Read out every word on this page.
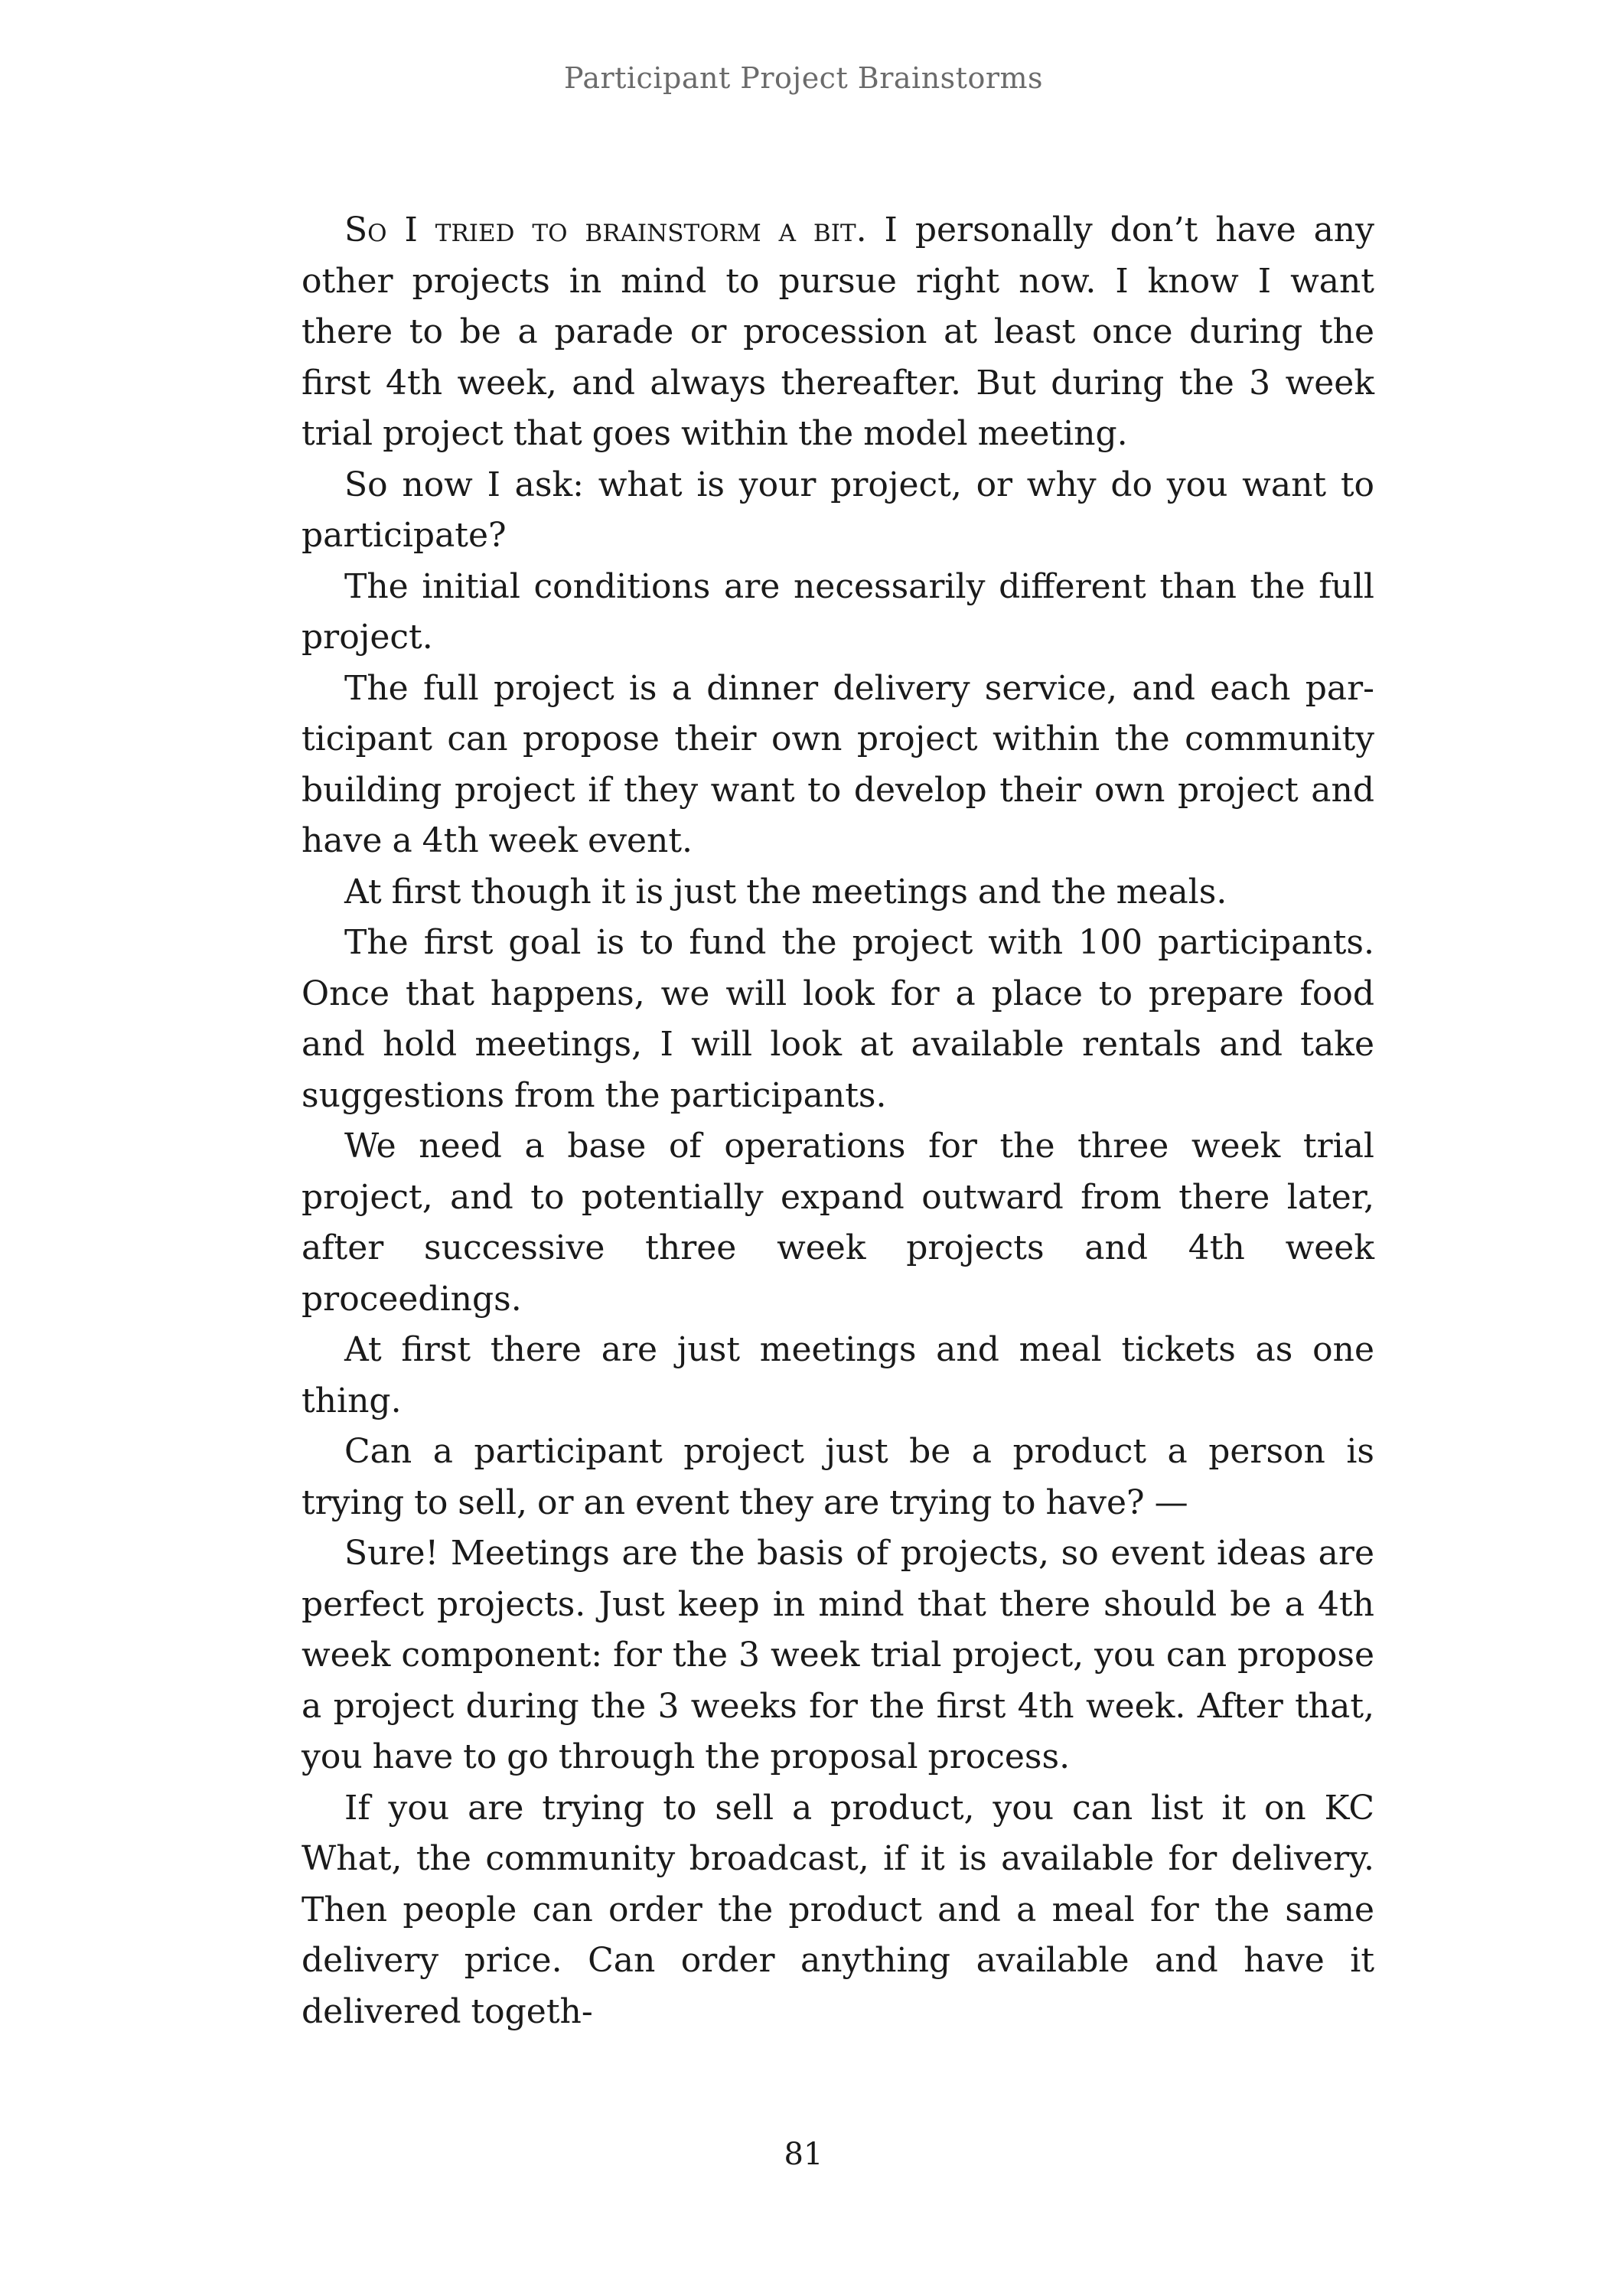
Participant Project Brainstorms

So I tried to brainstorm a bit. I personally don’t have any other projects in mind to pursue right now. I know I want there to be a parade or procession at least once during the first 4th week, and always thereafter. But during the 3 week trial project that goes within the model meeting.

So now I ask: what is your project, or why do you want to participate?

The initial conditions are necessarily different than the full project.

The full project is a dinner delivery service, and each participant can propose their own project within the community building project if they want to develop their own project and have a 4th week event.

At first though it is just the meetings and the meals.

The first goal is to fund the project with 100 participants. Once that happens, we will look for a place to prepare food and hold meetings, I will look at available rentals and take suggestions from the participants.

We need a base of operations for the three week trial project, and to potentially expand outward from there later, after successive three week projects and 4th week proceedings.

At first there are just meetings and meal tickets as one thing.

Can a participant project just be a product a person is trying to sell, or an event they are trying to have? —

Sure! Meetings are the basis of projects, so event ideas are perfect projects. Just keep in mind that there should be a 4th week component: for the 3 week trial project, you can propose a project during the 3 weeks for the first 4th week. After that, you have to go through the proposal process.

If you are trying to sell a product, you can list it on KC What, the community broadcast, if it is available for delivery. Then people can order the product and a meal for the same delivery price. Can order anything available and have it delivered togeth-

81
